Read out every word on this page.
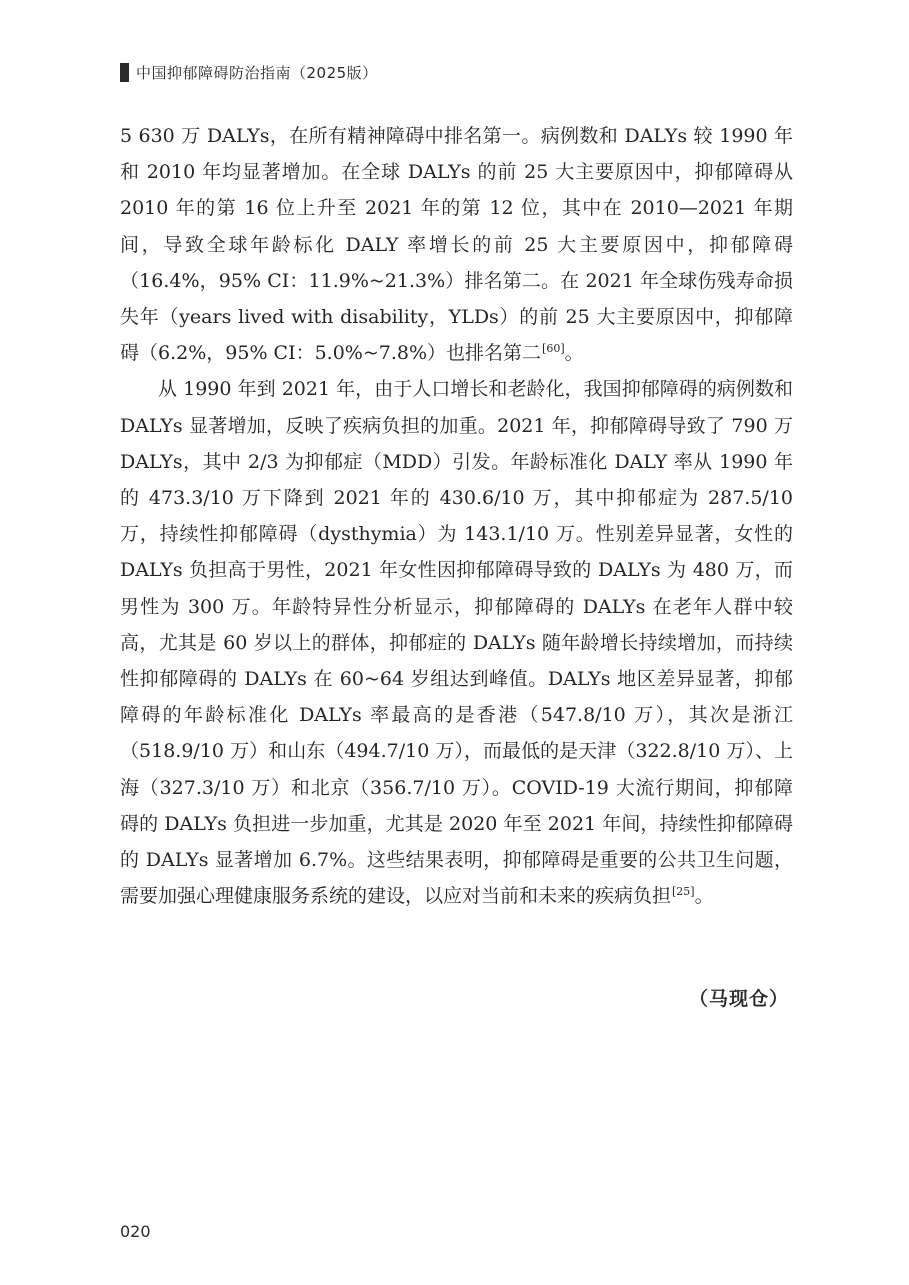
中国抑郁障碍防治指南（2025版）

5 630 万 DALYs，在所有精神障碍中排名第一。病例数和 DALYs 较 1990 年和 2010 年均显著增加。在全球 DALYs 的前 25 大主要原因中，抑郁障碍从 2010 年的第 16 位上升至 2021 年的第 12 位，其中在 2010—2021 年期间，导致全球年龄标化 DALY 率增长的前 25 大主要原因中，抑郁障碍（16.4%，95% CI：11.9%~21.3%）排名第二。在 2021 年全球伤残寿命损失年（years lived with disability，YLDs）的前 25 大主要原因中，抑郁障碍（6.2%，95% CI：5.0%~7.8%）也排名第二[60]。

从 1990 年到 2021 年，由于人口增长和老龄化，我国抑郁障碍的病例数和 DALYs 显著增加，反映了疾病负担的加重。2021 年，抑郁障碍导致了 790 万 DALYs，其中 2/3 为抑郁症（MDD）引发。年龄标准化 DALY 率从 1990 年的 473.3/10 万下降到 2021 年的 430.6/10 万，其中抑郁症为 287.5/10 万，持续性抑郁障碍（dysthymia）为 143.1/10 万。性别差异显著，女性的 DALYs 负担高于男性，2021 年女性因抑郁障碍导致的 DALYs 为 480 万，而男性为 300 万。年龄特异性分析显示，抑郁障碍的 DALYs 在老年人群中较高，尤其是 60 岁以上的群体，抑郁症的 DALYs 随年龄增长持续增加，而持续性抑郁障碍的 DALYs 在 60~64 岁组达到峰值。DALYs 地区差异显著，抑郁障碍的年龄标准化 DALYs 率最高的是香港（547.8/10 万），其次是浙江（518.9/10 万）和山东（494.7/10 万），而最低的是天津（322.8/10 万）、上海（327.3/10 万）和北京（356.7/10 万）。COVID-19 大流行期间，抑郁障碍的 DALYs 负担进一步加重，尤其是 2020 年至 2021 年间，持续性抑郁障碍的 DALYs 显著增加 6.7%。这些结果表明，抑郁障碍是重要的公共卫生问题，需要加强心理健康服务系统的建设，以应对当前和未来的疾病负担[25]。

（马现仓）
020
